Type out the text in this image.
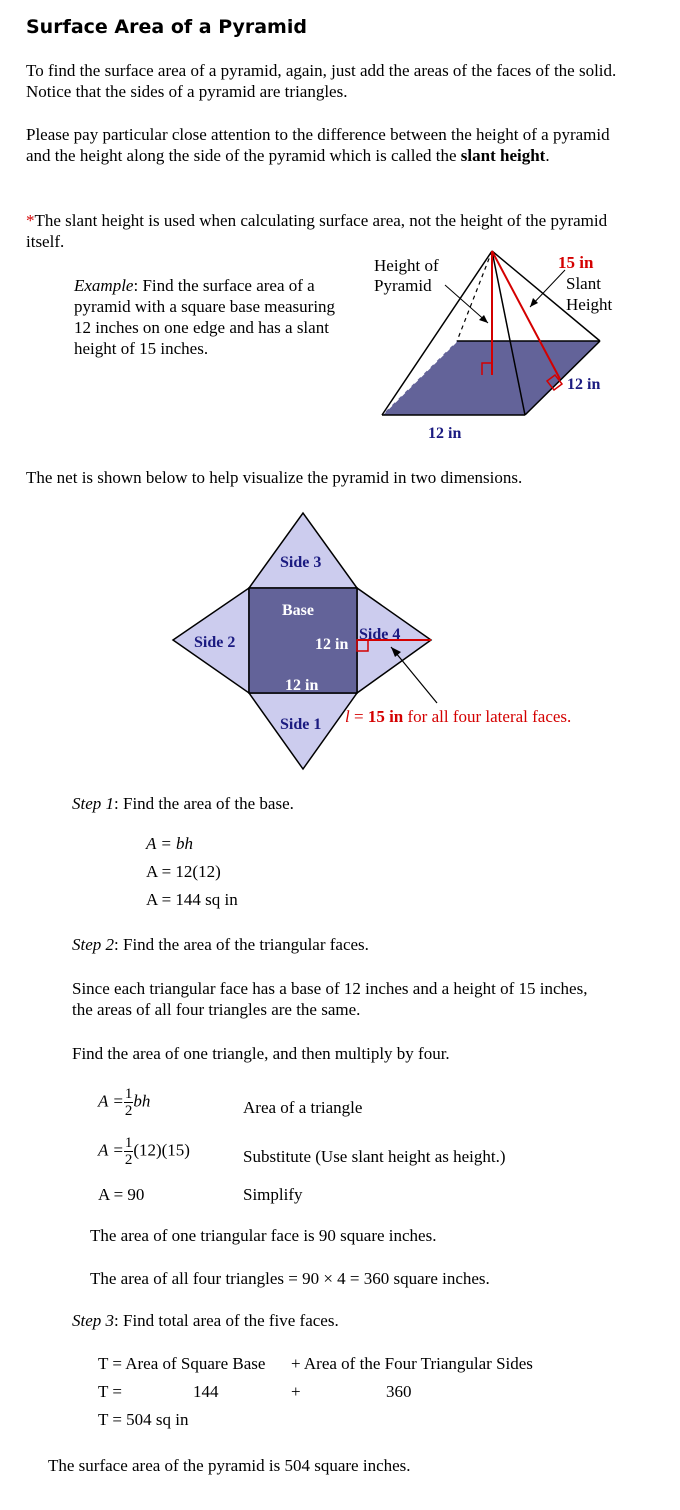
Surface Area of a Pyramid

To find the surface area of a pyramid, again, just add the areas of the faces of the solid. Notice that the sides of a pyramid are triangles.

Please pay particular close attention to the difference between the height of a pyramid and the height along the side of the pyramid which is called the slant height.

*The slant height is used when calculating surface area, not the height of the pyramid itself.

Example: Find the surface area of a pyramid with a square base measuring 12 inches on one edge and has a slant height of 15 inches.

Height of
Pyramid
15 in
Slant
Height
12 in
12 in

The net is shown below to help visualize the pyramid in two dimensions.

Side 3
Side 2	Side 4
Side 1
Base
12 in
12 in
l = 15 in for all four lateral faces.
Step 1: Find the area of the base.
A = bh
A = 12(12)
A = 144 sq in
Step 2: Find the area of the triangular faces.

Since each triangular face has a base of 12 inches and a height of 15 inches, the areas of all four triangles are the same.

Find the area of one triangle, and then multiply by four.

$A = \frac{1}{2}$ bh	Area of a triangle
$A = \frac{1}{2} (12)(15)$	Substitute (Use slant height as height.)
A = 90	Simplify

The area of one triangular face is 90 square inches.

The area of all four triangles = 90 × 4 = 360 square inches.

Step 3: Find total area of the five faces.
T = Area of Square Base + Area of the Four Triangular Sides
T =	144	+	360
T = 504 sq in

The surface area of the pyramid is 504 square inches.
